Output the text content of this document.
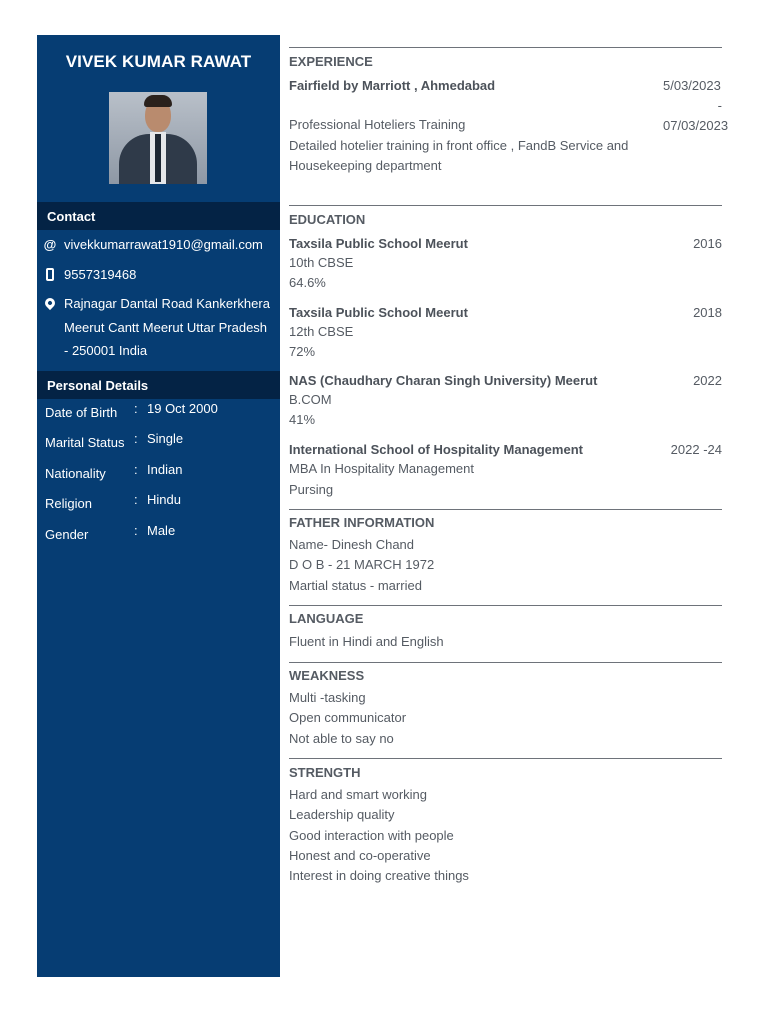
VIVEK KUMAR RAWAT
Contact
@ vivekkumarrawat1910@gmail.com
9557319468
Rajnagar Dantal Road Kankerkhera
Meerut Cantt Meerut Uttar Pradesh
- 250001 India
Personal Details
Date of Birth : 19 Oct 2000
Marital Status : Single
Nationality : Indian
Religion	: Hindu
Gender	: Male
EXPERIENCE
Fairfield by Marriott , Ahmedabad	5/03/2023
-
07/03/2023
Professional Hoteliers Training
Detailed hotelier training in front office , FandB Service and
Housekeeping department
EDUCATION
Taxsila Public School Meerut	2016
10th CBSE
64.6%
Taxsila Public School Meerut	2018
12th CBSE
72%
NAS (Chaudhary Charan Singh University) Meerut	2022
B.COM
41%
International School of Hospitality Management	2022 -24
MBA In Hospitality Management
Pursing
FATHER INFORMATION
Name- Dinesh Chand
D O B - 21 MARCH 1972
Martial status - married
LANGUAGE
Fluent in Hindi and English
WEAKNESS
Multi -tasking
Open communicator
Not able to say no
STRENGTH
Hard and smart working
Leadership quality
Good interaction with people
Honest and co-operative
Interest in doing creative things
